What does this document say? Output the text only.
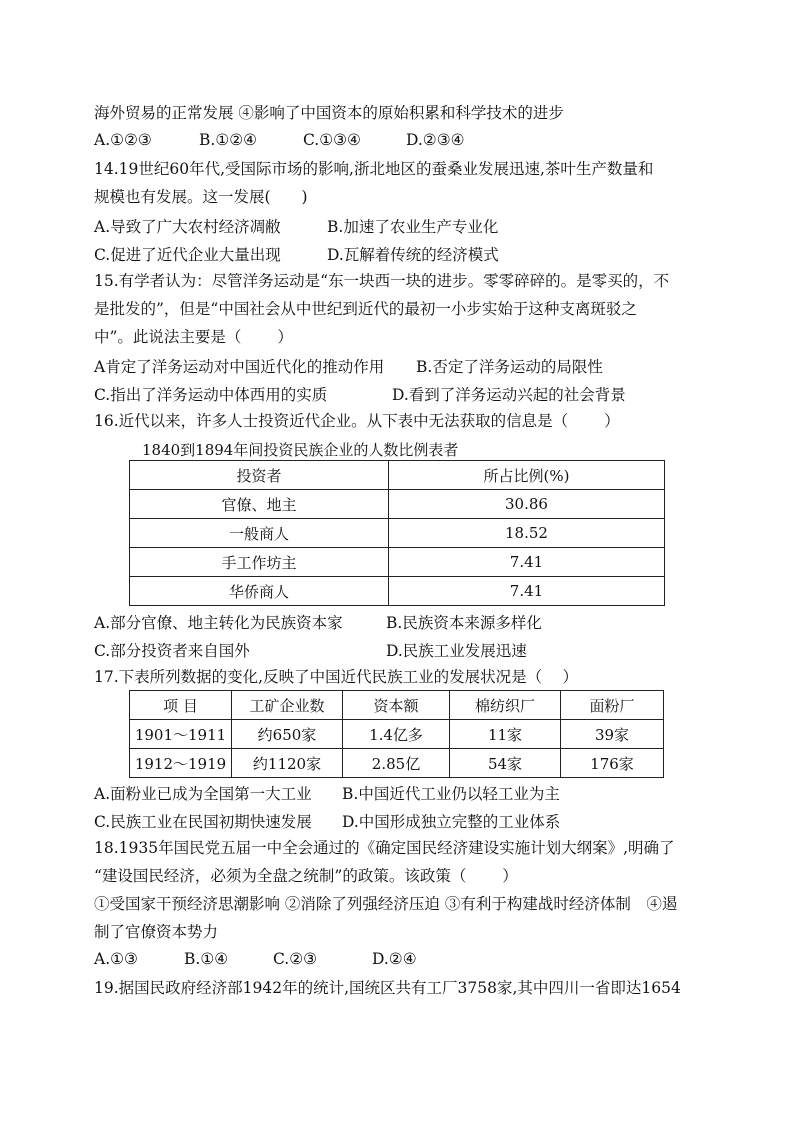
海外贸易的正常发展 ④影响了中国资本的原始积累和科学技术的进步
A.①②③	B.①②④	C.①③④	D.②③④
14.19世纪60年代,受国际市场的影响,浙北地区的蚕桑业发展迅速,茶叶生产数量和
规模也有发展。这一发展(　　)
A.导致了广大农村经济凋敝	B.加速了农业生产专业化
C.促进了近代企业大量出现	D.瓦解着传统的经济模式
15.有学者认为：尽管洋务运动是“东一块西一块的进步。零零碎碎的。是零买的，不
是批发的”，但是“中国社会从中世纪到近代的最初一小步实始于这种支离斑驳之
中”。此说法主要是（　　 ）
A肯定了洋务运动对中国近代化的推动作用 B.否定了洋务运动的局限性
C.指出了洋务运动中体西用的实质	D.看到了洋务运动兴起的社会背景
16.近代以来，许多人士投资近代企业。从下表中无法获取的信息是（　　 ）
1840到1894年间投资民族企业的人数比例表者
投资者	所占比例(%)
官僚、地主	30.86
一般商人	18.52
手工作坊主	7.41
华侨商人	7.41
A.部分官僚、地主转化为民族资本家	B.民族资本来源多样化
C.部分投资者来自国外	D.民族工业发展迅速
17.下表所列数据的变化,反映了中国近代民族工业的发展状况是（　 ）
项 目	工矿企业数	资本额	棉纺织厂	面粉厂
1901～1911	约650家	1.4亿多	11家	39家
1912～1919	约1120家	2.85亿	54家	176家
A.面粉业已成为全国第一大工业 B.中国近代工业仍以轻工业为主
C.民族工业在民国初期快速发展 D.中国形成独立完整的工业体系
18.1935年国民党五届一中全会通过的《确定国民经济建设实施计划大纲案》,明确了
“建设国民经济，必须为全盘之统制”的政策。该政策（　　 ）
①受国家干预经济思潮影响 ②消除了列强经济压迫 ③有利于构建战时经济体制　④遏
制了官僚资本势力
A.①③	B.①④	C.②③	D.②④
19.据国民政府经济部1942年的统计,国统区共有工厂3758家,其中四川一省即达1654
